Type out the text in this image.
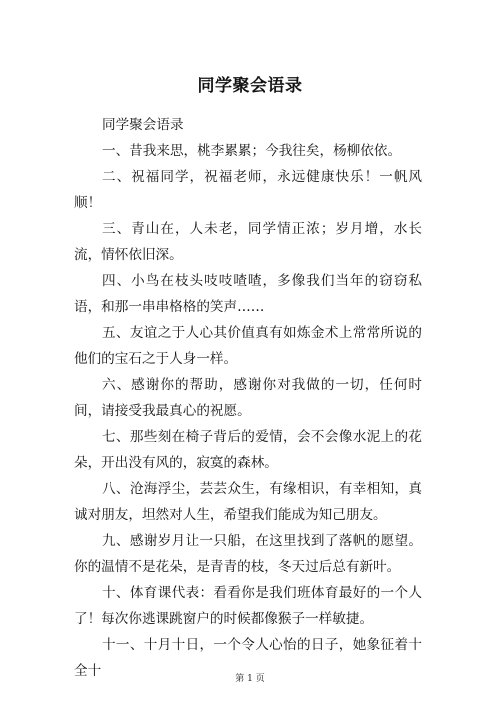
同学聚会语录

同学聚会语录

一、昔我来思，桃李累累；今我往矣，杨柳依依。

二、祝福同学，祝福老师，永远健康快乐！一帆风顺！

三、青山在，人未老，同学情正浓；岁月增，水长流，情怀依旧深。

四、小鸟在枝头吱吱喳喳，多像我们当年的窃窃私语，和那一串串格格的笑声……

五、友谊之于人心其价值真有如炼金术上常常所说的他们的宝石之于人身一样。

六、感谢你的帮助，感谢你对我做的一切，任何时间，请接受我最真心的祝愿。

七、那些刻在椅子背后的爱情，会不会像水泥上的花朵，开出没有风的，寂寞的森林。

八、沧海浮尘，芸芸众生，有缘相识，有幸相知，真诚对朋友，坦然对人生，希望我们能成为知己朋友。

九、感谢岁月让一只船，在这里找到了落帆的愿望。你的温情不是花朵，是青青的枝，冬天过后总有新叶。

十、体育课代表：看看你是我们班体育最好的一个人了！每次你逃课跳窗户的时候都像猴子一样敏捷。

十一、十月十日，一个令人心怡的日子，她象征着十全十	第 1 页
